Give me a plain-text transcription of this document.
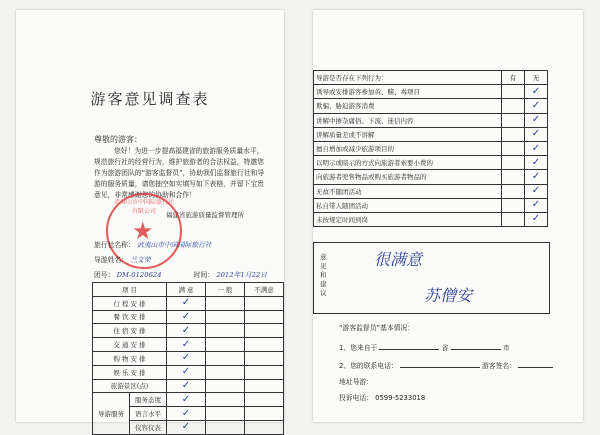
游客意见调查表
尊敬的游客：
您好！为进一步提高福建省的旅游服务质量水平，规范旅行社的经营行为，维护旅游者的合法权益，特邀您作为旅游团队的“游客监督员”，协助我们监督旅行社和导游的服务质量，请您抽空如实填写如下表格，并留下宝贵意见，非常感谢您的协助和合作！
福建省旅游质量监督管理所
武夷山市中国际旅行社有限公司
★
旅行社名称： 武夷山市中国国际旅行社
导游姓名： 兰文荣
团号： DM-0120624	时间： 2012年1月22日
项 目		满 意	一 般	不满意
行 程 安 排		✓		
餐 饮 安 排		✓		
住 宿 安 排		✓		
交 通 安 排		✓		
购 物 安 排		✓		
娱 乐 安 排		✓		
旅游景区(点)		✓		
导游服务	服务态度	✓		
	语言水平	✓		
	仪容仪表	✓		
导游是否存在下列行为：	有	无
诱导或安排游客参加黄、赌、毒项目		✓
欺骗、胁迫游客消费		✓
讲解中掺杂庸俗、下流、迷信内容		✓
讲解质量差或不讲解		✓
擅自增加或减少旅游项目的		✓
以明示或暗示的方式向旅游者索要小费的		✓
向旅游者兜售物品或购买旅游者物品的		✓
无故不随团活动		✓
私自带人随团活动		✓
未按规定时间到岗		✓
意见和建议
很满意
苏僧安
“游客监督员”基本情况：
1、您来自于	省	市
2、您的联系电话：	游客签名：
地址导游：
投诉电话： 0599-5233018
